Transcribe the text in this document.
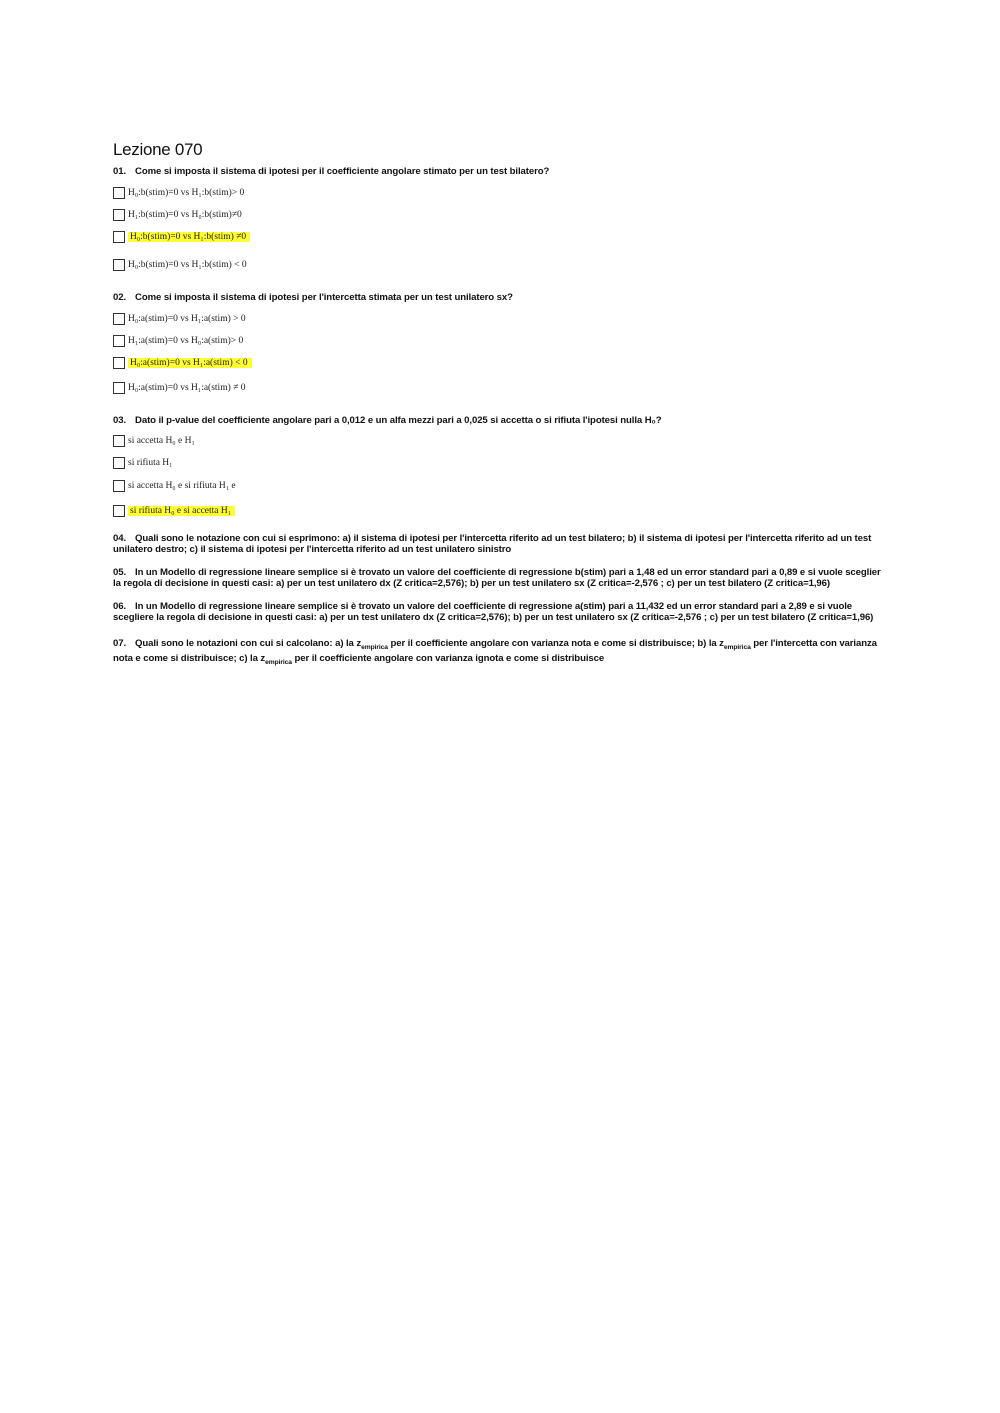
Lezione 070

01. Come si imposta il sistema di ipotesi per il coefficiente angolare stimato per un test bilatero?

H₀:b(stim)=0 vs H₁:b(stim)> 0
H₁:b(stim)=0 vs H₀:b(stim)≠0
H₀:b(stim)=0 vs H₁:b(stim) ≠0
H₀:b(stim)=0 vs H₁:b(stim) < 0

02. Come si imposta il sistema di ipotesi per l'intercetta stimata per un test unilatero sx?

H₀:a(stim)=0 vs H₁:a(stim) > 0
H₁:a(stim)=0 vs H₀:a(stim)> 0
H₀:a(stim)=0 vs H₁:a(stim) < 0
H₀:a(stim)=0 vs H₁:a(stim) ≠ 0

03. Dato il p-value del coefficiente angolare pari a 0,012 e un alfa mezzi pari a 0,025 si accetta o si rifiuta l'ipotesi nulla H₀?

si accetta H₀ e H₁
si rifiuta H₁
si accetta H₀ e si rifiuta H₁ e
si rifiuta H₀ e si accetta H₁

04. Quali sono le notazione con cui si esprimono: a) il sistema di ipotesi per l'intercetta riferito ad un test bilatero; b) il sistema di ipotesi per l'intercetta riferito ad un test unilatero destro; c) il sistema di ipotesi per l'intercetta riferito ad un test unilatero sinistro

05. In un Modello di regressione lineare semplice si è trovato un valore del coefficiente di regressione b(stim) pari a 1,48 ed un error standard pari a 0,89 e si vuole sceglier la regola di decisione in questi casi: a) per un test unilatero dx (Z critica=2,576); b) per un test unilatero sx (Z critica=-2,576 ; c) per un test bilatero (Z critica=1,96)

06. In un Modello di regressione lineare semplice si è trovato un valore del coefficiente di regressione a(stim) pari a 11,432 ed un error standard pari a 2,89 e si vuole scegliere la regola di decisione in questi casi: a) per un test unilatero dx (Z critica=2,576); b) per un test unilatero sx (Z critica=-2,576 ; c) per un test bilatero (Z critica=1,96)

07. Quali sono le notazioni con cui si calcolano: a) la $z_{empirica}$ per il coefficiente angolare con varianza nota e come si distribuisce; b) la $z_{empirica}$ per l'intercetta con varianza nota e come si distribuisce; c) la $z_{empirica}$ per il coefficiente angolare con varianza ignota e come si distribuisce
